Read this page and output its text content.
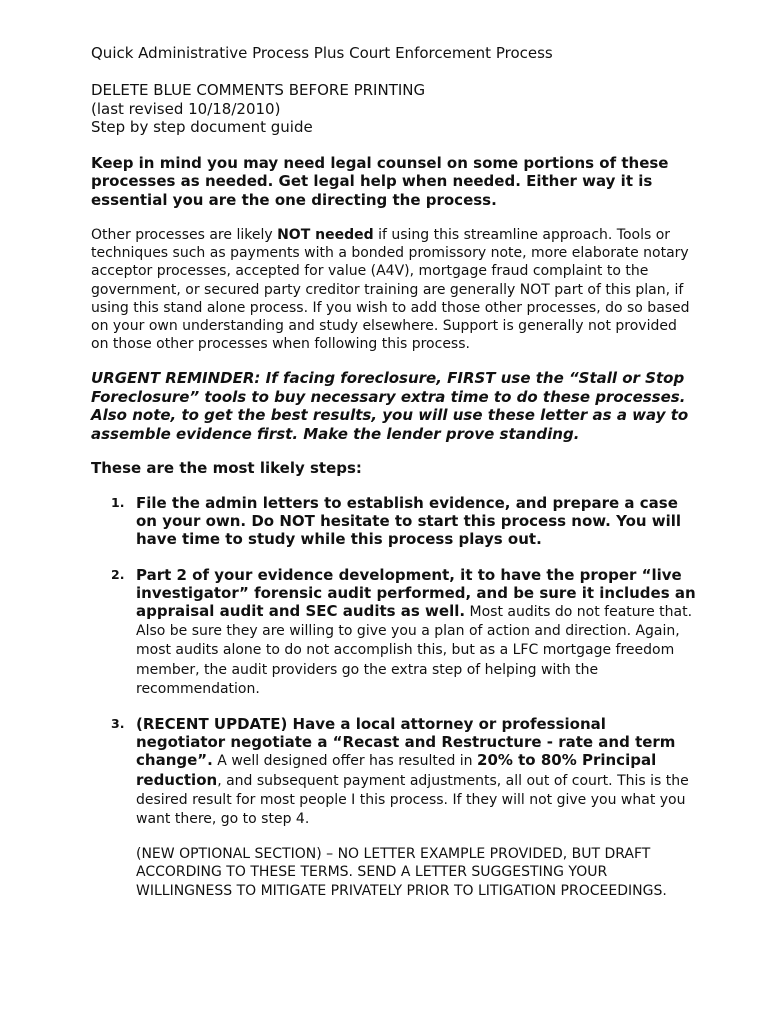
Quick Administrative Process Plus Court Enforcement Process
DELETE BLUE COMMENTS BEFORE PRINTING
(last revised 10/18/2010)
Step by step document guide
Keep in mind you may need legal counsel on some portions of these processes as needed. Get legal help when needed. Either way it is essential you are the one directing the process.
Other processes are likely NOT needed if using this streamline approach. Tools or techniques such as payments with a bonded promissory note, more elaborate notary acceptor processes, accepted for value (A4V), mortgage fraud complaint to the government, or secured party creditor training are generally NOT part of this plan, if using this stand alone process. If you wish to add those other processes, do so based on your own understanding and study elsewhere. Support is generally not provided on those other processes when following this process.
URGENT REMINDER: If facing foreclosure, FIRST use the “Stall or Stop Foreclosure” tools to buy necessary extra time to do these processes. Also note, to get the best results, you will use these letter as a way to assemble evidence first. Make the lender prove standing.
These are the most likely steps:
1. File the admin letters to establish evidence, and prepare a case on your own. Do NOT hesitate to start this process now. You will have time to study while this process plays out.
2. Part 2 of your evidence development, it to have the proper “live investigator” forensic audit performed, and be sure it includes an appraisal audit and SEC audits as well. Most audits do not feature that. Also be sure they are willing to give you a plan of action and direction. Again, most audits alone to do not accomplish this, but as a LFC mortgage freedom member, the audit providers go the extra step of helping with the recommendation.
3. (RECENT UPDATE) Have a local attorney or professional negotiator negotiate a “Recast and Restructure - rate and term change”. A well designed offer has resulted in 20% to 80% Principal reduction, and subsequent payment adjustments, all out of court. This is the desired result for most people I this process. If they will not give you what you want there, go to step 4.
(NEW OPTIONAL SECTION) – NO LETTER EXAMPLE PROVIDED, BUT DRAFT ACCORDING TO THESE TERMS. SEND A LETTER SUGGESTING YOUR WILLINGNESS TO MITIGATE PRIVATELY PRIOR TO LITIGATION PROCEEDINGS.
